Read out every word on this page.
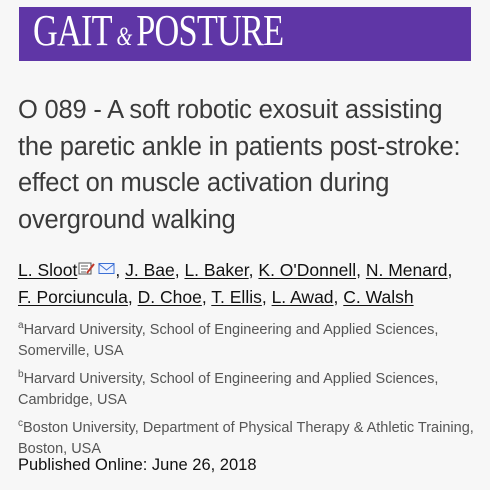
GAIT & POSTURE
O 089 - A soft robotic exosuit assisting the paretic ankle in patients post-stroke: effect on muscle activation during overground walking
L. Sloot , J. Bae, L. Baker, K. O'Donnell, N. Menard,
F. Porciuncula, D. Choe, T. Ellis, L. Awad, C. Walsh
$^a$Harvard University, School of Engineering and Applied Sciences, Somerville, USA
$^b$Harvard University, School of Engineering and Applied Sciences, Cambridge, USA
$^c$Boston University, Department of Physical Therapy & Athletic Training, Boston, USA
Published Online: June 26, 2018
